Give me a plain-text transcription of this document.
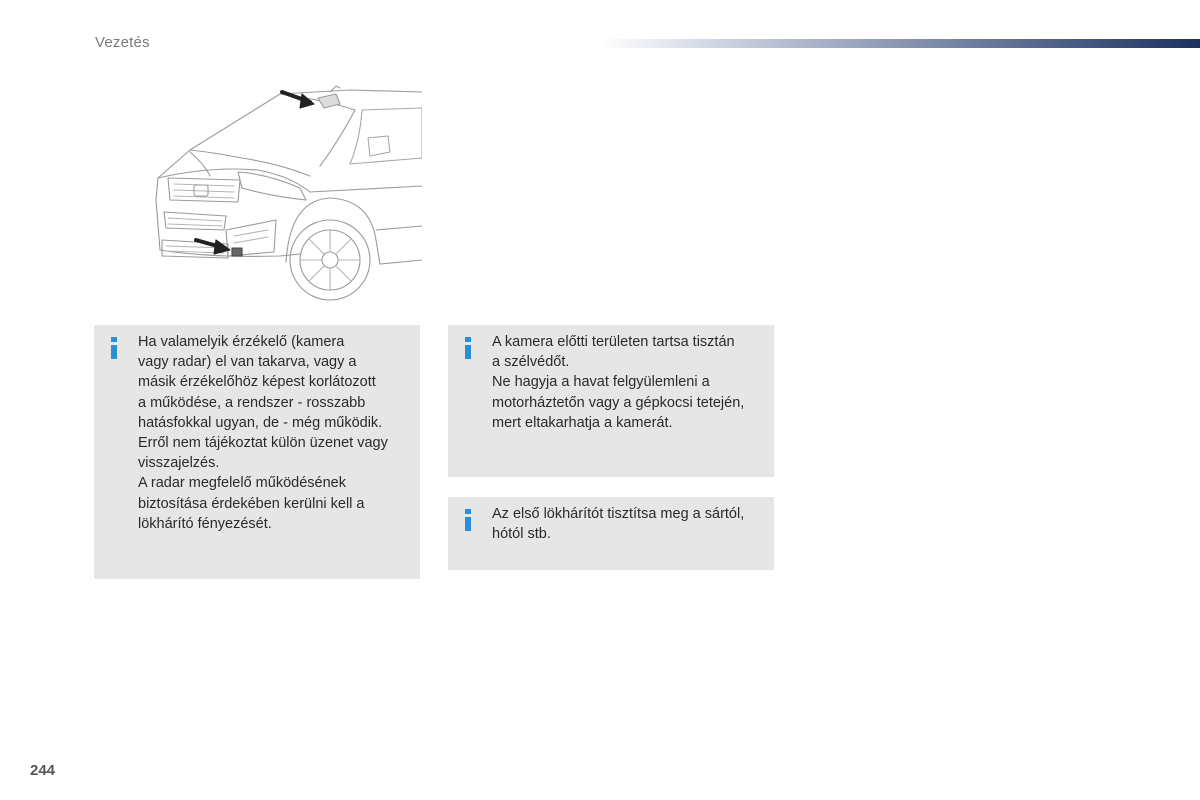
Vezetés
Ha valamelyik érzékelő (kamera
vagy radar) el van takarva, vagy a
másik érzékelőhöz képest korlátozott
a működése, a rendszer - rosszabb
hatásfokkal ugyan, de - még működik.
Erről nem tájékoztat külön üzenet vagy
visszajelzés.
A radar megfelelő működésének
biztosítása érdekében kerülni kell a
lökhárító fényezését.
A kamera előtti területen tartsa tisztán
a szélvédőt.
Ne hagyja a havat felgyülemleni a
motorháztetőn vagy a gépkocsi tetején,
mert eltakarhatja a kamerát.
Az első lökhárítót tisztítsa meg a sártól,
hótól stb.
244
